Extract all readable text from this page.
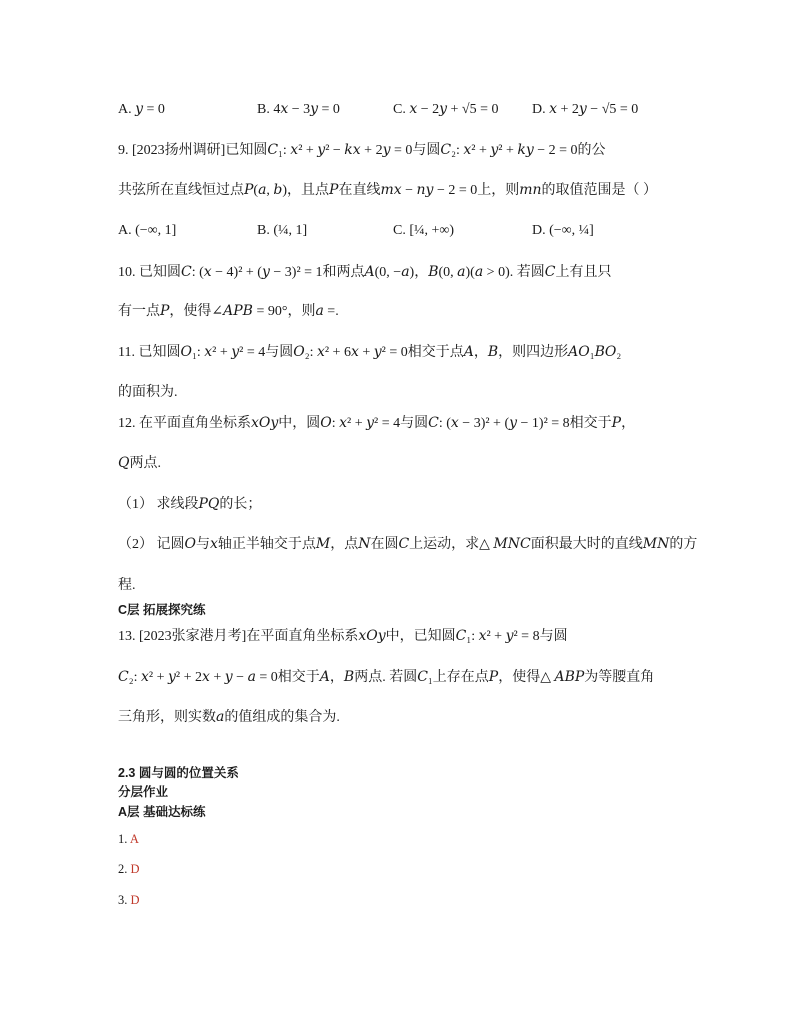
A. 𝑦 = 0	B. 4𝑥 − 3𝑦 = 0	C. 𝑥 − 2𝑦 + √5 = 0 D. 𝑥 + 2𝑦 − √5 = 0
9. [2023扬州调研]已知圆𝐶₁: 𝑥² + 𝑦² − 𝑘𝑥 + 2𝑦 = 0与圆𝐶₂: 𝑥² + 𝑦² + 𝑘𝑦 − 2 = 0的公
共弦所在直线恒过点𝑃(𝑎, 𝑏)，且点𝑃在直线𝑚𝑥 − 𝑛𝑦 − 2 = 0上，则𝑚𝑛的取值范围是（ ）
A. (−∞, 1]	B. (¼, 1]	C. [¼, +∞)	D. (−∞, ¼]
10. 已知圆𝐶: (𝑥 − 4)² + (𝑦 − 3)² = 1和两点𝐴(0, −𝑎)，𝐵(0, 𝑎)(𝑎 > 0). 若圆𝐶上有且只
有一点𝑃，使得∠𝐴𝑃𝐵 = 90°，则𝑎 =.
11. 已知圆𝑂₁: 𝑥² + 𝑦² = 4与圆𝑂₂: 𝑥² + 6𝑥 + 𝑦² = 0相交于点𝐴，𝐵，则四边形𝐴𝑂₁𝐵𝑂₂
的面积为.
12. 在平面直角坐标系𝑥𝑂𝑦中，圆𝑂: 𝑥² + 𝑦² = 4与圆𝐶: (𝑥 − 3)² + (𝑦 − 1)² = 8相交于𝑃，
𝑄两点.
（1） 求线段𝑃𝑄的长；
（2） 记圆𝑂与𝑥轴正半轴交于点𝑀，点𝑁在圆𝐶上运动，求△ 𝑀𝑁𝐶面积最大时的直线𝑀𝑁的方
程.
C层 拓展探究练
13. [2023张家港月考]在平面直角坐标系𝑥𝑂𝑦中，已知圆𝐶₁: 𝑥² + 𝑦² = 8与圆
𝐶₂: 𝑥² + 𝑦² + 2𝑥 + 𝑦 − 𝑎 = 0相交于𝐴，𝐵两点. 若圆𝐶₁上存在点𝑃，使得△ 𝐴𝐵𝑃为等腰直角
三角形，则实数𝑎的值组成的集合为.
2.3 圆与圆的位置关系
分层作业
A层 基础达标练
1. A
2. D
3. D
